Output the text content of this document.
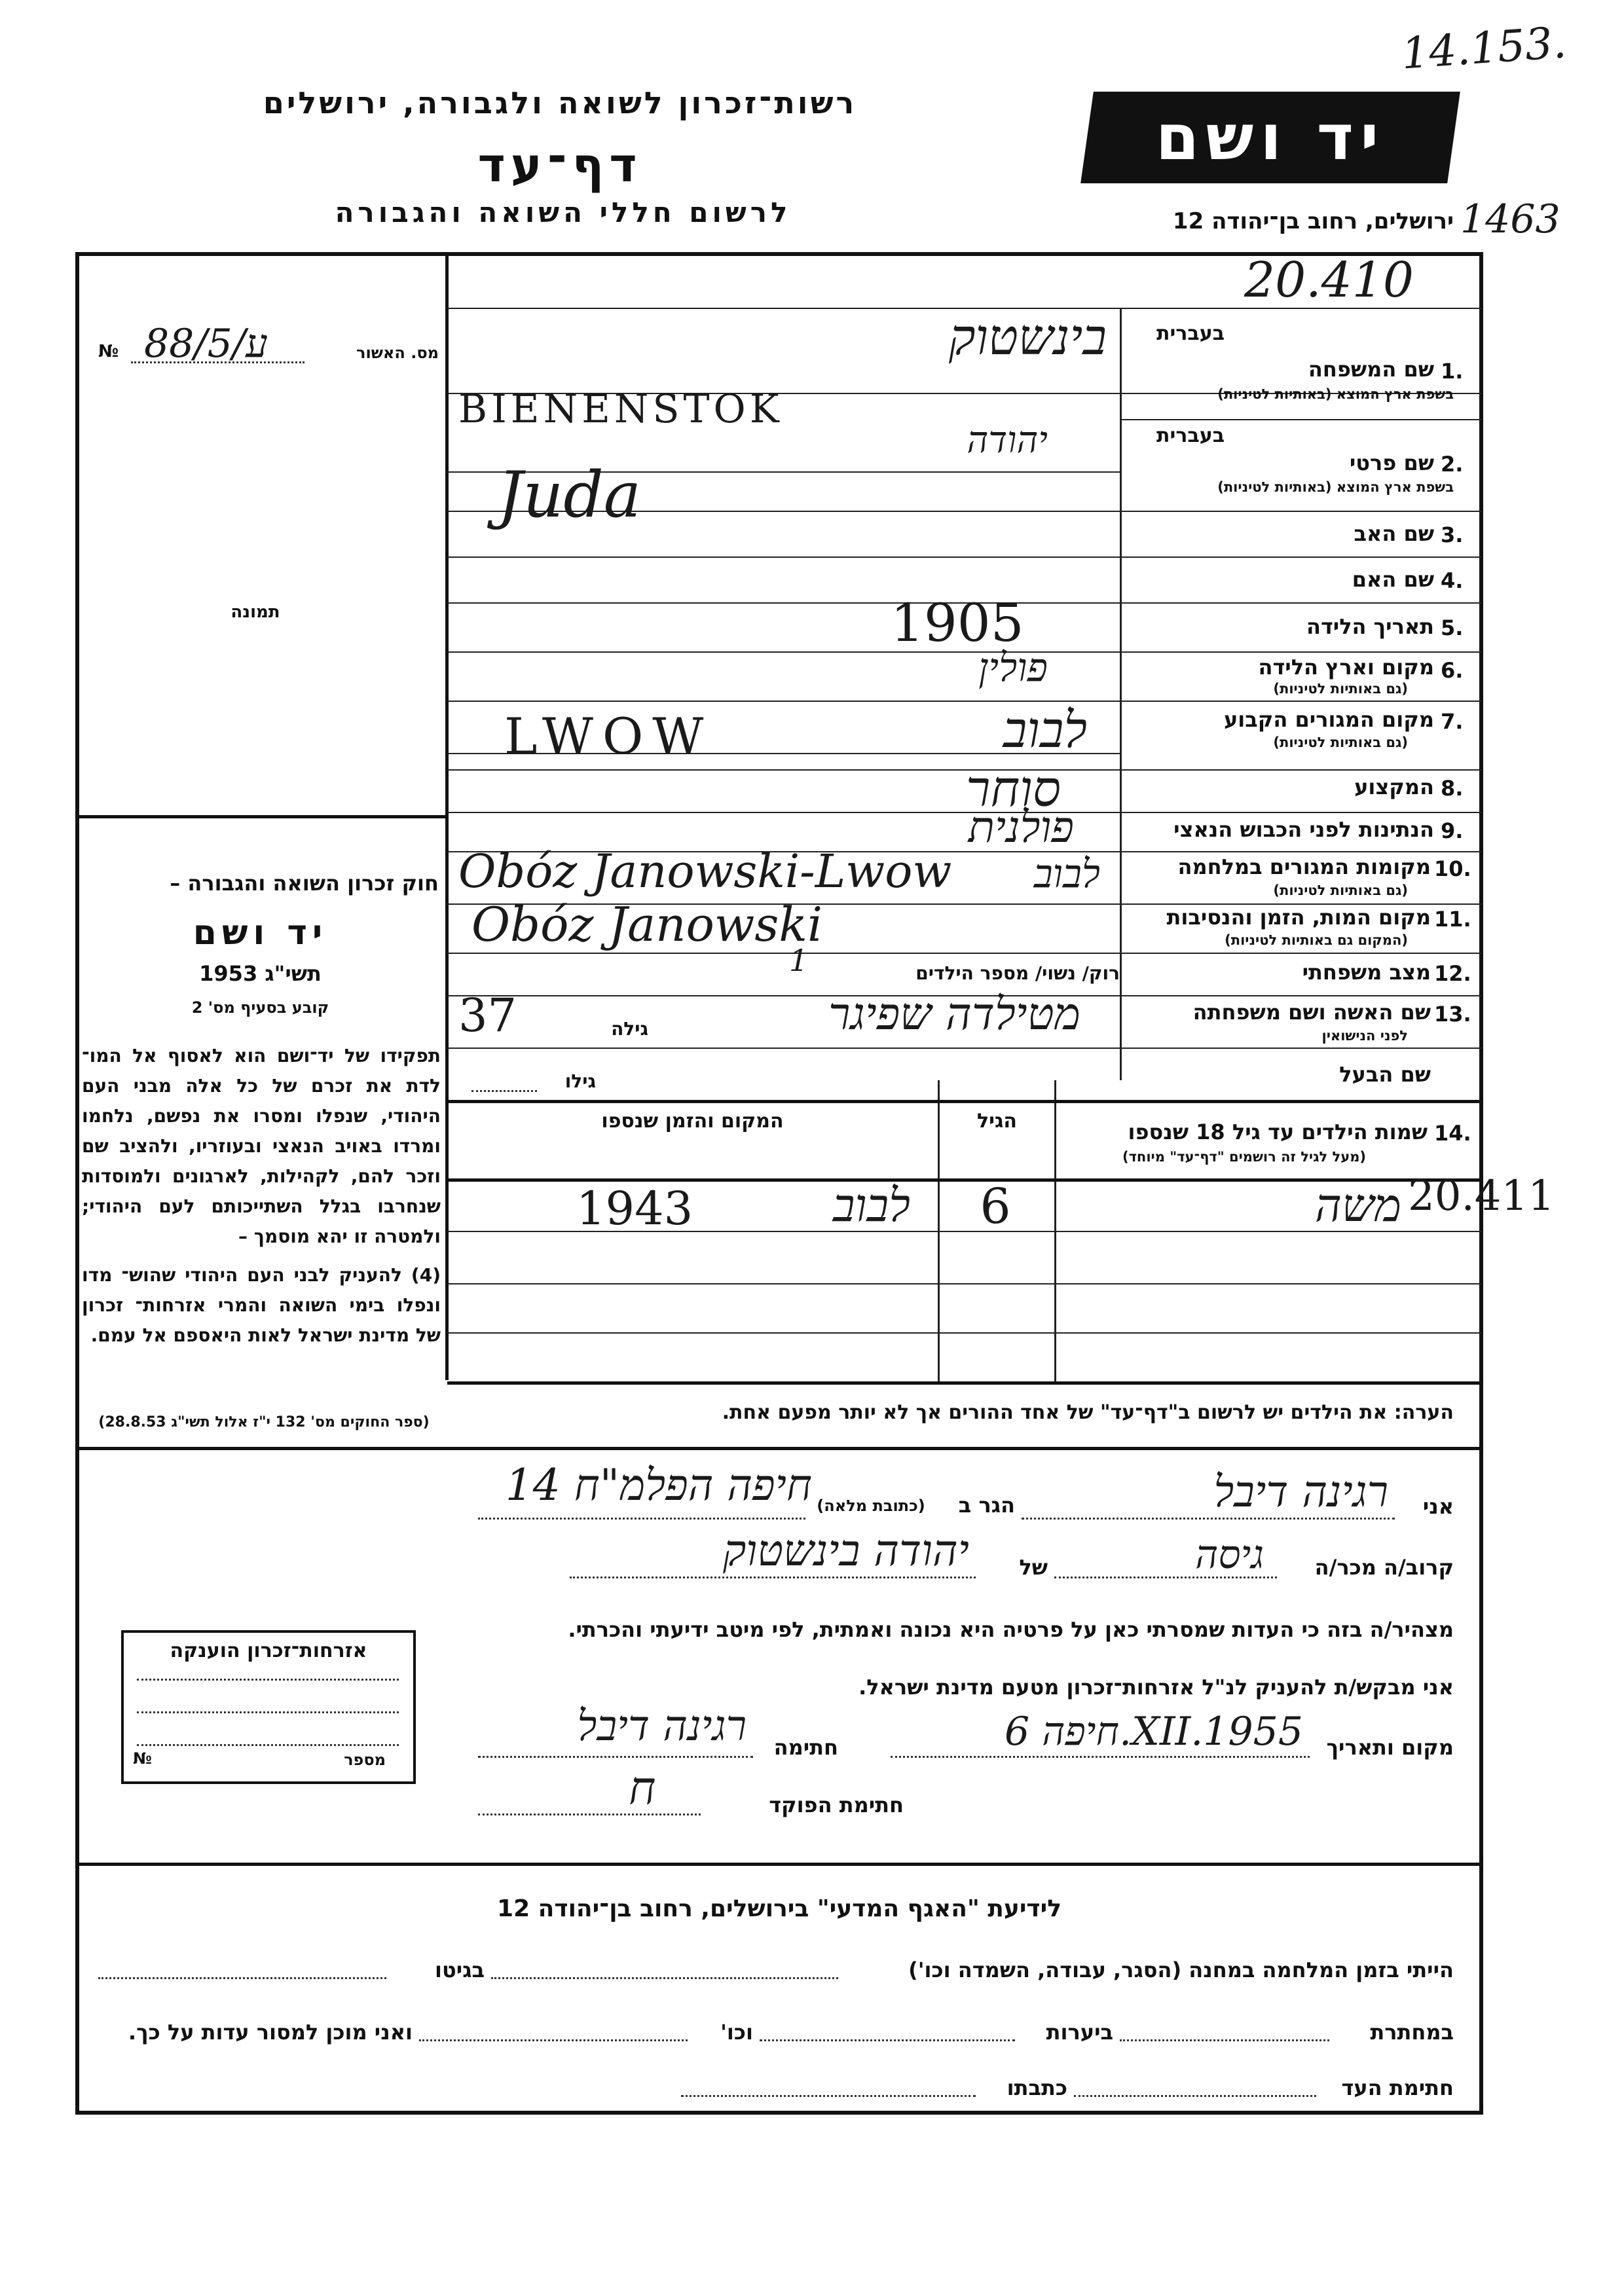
רשות־זכרון לשואה ולגבורה, ירושלים
דף־עד
לרשום חללי השואה והגבורה
יד ושם
ירושלים, רחוב בן־יהודה 12
14.153.
1463
20.410
מס. האשור
№ ע/88/5
תמונה
חוק זכרון השואה והגבורה –
יד ושם
תשי"ג 1953
קובע בסעיף מס' 2
תפקידו של יד־ושם הוא לאסוף אל המו־ לדת את זכרם של כל אלה מבני העם היהודי, שנפלו ומסרו את נפשם, נלחמו ומרדו באויב הנאצי ובעוזריו, ולהציב שם וזכר להם, לקהילות, לארגונים ולמוסדות שנחרבו בגלל השתייכותם לעם היהודי; ולמטרה זו יהא מוסמך –
(4) להעניק לבני העם היהודי שהוש־ מדו ונפלו בימי השואה והמרי אזרחות־ זכרון של מדינת ישראל לאות היאספם אל עמם.
(ספר החוקים מס' 132 י"ז אלול תשי"ג 28.8.53)
בעברית
1.
שם המשפחה
בשפת ארץ המוצא (באותיות לטיניות)
בינשטוק
BIENENSTOK
בעברית
2.
שם פרטי
בשפת ארץ המוצא (באותיות לטיניות)
יהודה
Juda
3.
שם האב
4.
שם האם
5.
תאריך הלידה
1905
6.
מקום וארץ הלידה
(גם באותיות לטיניות)
פולין
7.
מקום המגורים הקבוע
(גם באותיות לטיניות)
לבוב
LWOW
8.
המקצוע
סוחר
9.
הנתינות לפני הכבוש הנאצי
פולנית
10.
מקומות המגורים במלחמה
(גם באותיות לטיניות)
לבוב
Obóz Janowski-Lwow
11.
מקום המות, הזמן והנסיבות
(המקום גם באותיות לטיניות)
Obóz Janowski
12.
מצב משפחתי
רוק/ נשוי/ מספר הילדים
1
13.
שם האשה ושם משפחתה
לפני הנישואין
מטילדה שפיגר
גילה
37
שם הבעל
גילו
14.
שמות הילדים עד גיל 18 שנספו
(מעל לגיל זה רושמים "דף־עד" מיוחד)
הגיל
המקום והזמן שנספו
משה
6
לבוב
1943	20.411
הערה: את הילדים יש לרשום ב"דף־עד" של אחד ההורים אך לא יותר מפעם אחת.
אני
רגינה דיבל
הגר ב
(כתובת מלאה)
חיפה הפלמ"ח 14
קרוב/ה מכר/ה
גיסה
של
יהודה בינשטוק
מצהיר/ה בזה כי העדות שמסרתי כאן על פרטיה היא נכונה ואמתית, לפי מיטב ידיעתי והכרתי.
אני מבקש/ת להעניק לנ"ל אזרחות־זכרון מטעם מדינת ישראל.
מקום ותאריך
חיפה 6.XII.1955
חתימה
רגינה דיבל
חתימת הפוקד
ח
אזרחות־זכרון הוענקה
№	מספר
לידיעת "האגף המדעי" בירושלים, רחוב בן־יהודה 12
הייתי בזמן המלחמה במחנה (הסגר, עבודה, השמדה וכו')
בגיטו
במחתרת
ביערות
וכו'
ואני מוכן למסור עדות על כך.
חתימת העד
כתבתו
